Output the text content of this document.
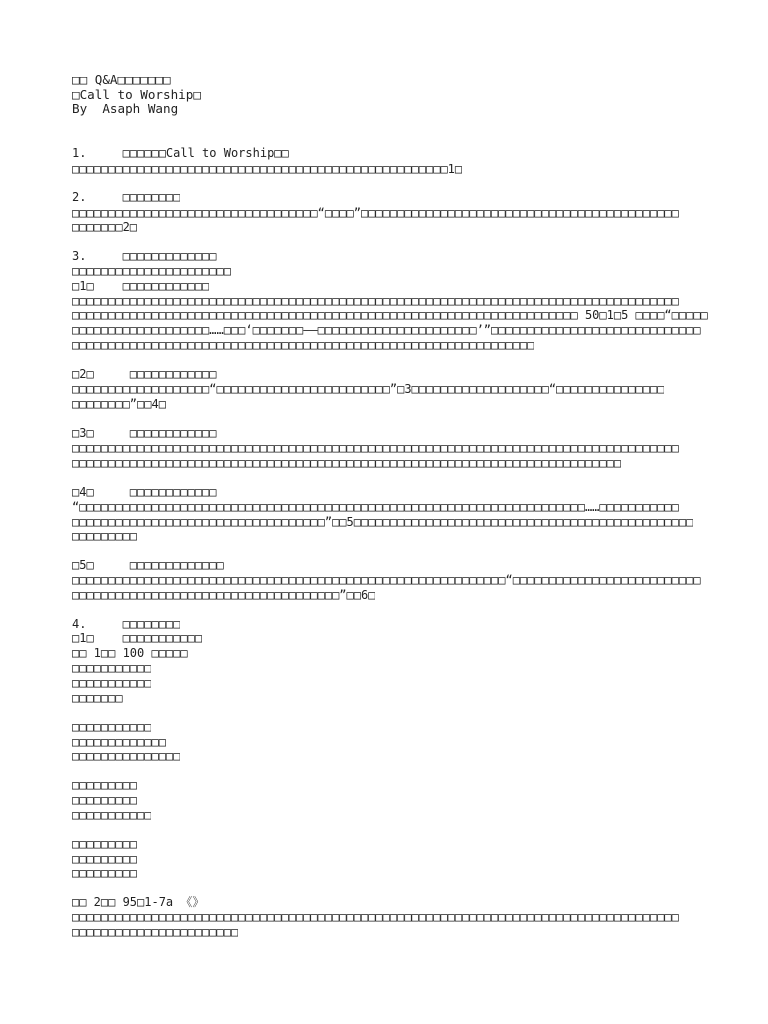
□□ Q&A□□□□□□□
□Call to Worship□
By  Asaph Wang
1.     □□□□□□Call to Worship□□
□□□□□□□□□□□□□□□□□□□□□□□□□□□□□□□□□□□□□□□□□□□□□□□□□□□□1□
2.     □□□□□□□□
□□□□□□□□□□□□□□□□□□□□□□□□□□□□□□□□□□“□□□□”□□□□□□□□□□□□□□□□□□□□□□□□□□□□□□□□□□□□□□□□□□□□
□□□□□□□2□
3.     □□□□□□□□□□□□□
□□□□□□□□□□□□□□□□□□□□□□
□1□    □□□□□□□□□□□□
□□□□□□□□□□□□□□□□□□□□□□□□□□□□□□□□□□□□□□□□□□□□□□□□□□□□□□□□□□□□□□□□□□□□□□□□□□□□□□□□□□□□
□□□□□□□□□□□□□□□□□□□□□□□□□□□□□□□□□□□□□□□□□□□□□□□□□□□□□□□□□□□□□□□□□□□□□□ 50□1□5 □□□□“□□□□□
□□□□□□□□□□□□□□□□□□□……□□□‘□□□□□□□——□□□□□□□□□□□□□□□□□□□□□□’”□□□□□□□□□□□□□□□□□□□□□□□□□□□□□
□□□□□□□□□□□□□□□□□□□□□□□□□□□□□□□□□□□□□□□□□□□□□□□□□□□□□□□□□□□□□□□□
□2□     □□□□□□□□□□□□
□□□□□□□□□□□□□□□□□□□“□□□□□□□□□□□□□□□□□□□□□□□□”□3□□□□□□□□□□□□□□□□□□□“□□□□□□□□□□□□□□□
□□□□□□□□”□□4□
□3□     □□□□□□□□□□□□
□□□□□□□□□□□□□□□□□□□□□□□□□□□□□□□□□□□□□□□□□□□□□□□□□□□□□□□□□□□□□□□□□□□□□□□□□□□□□□□□□□□□
□□□□□□□□□□□□□□□□□□□□□□□□□□□□□□□□□□□□□□□□□□□□□□□□□□□□□□□□□□□□□□□□□□□□□□□□□□□□
□4□     □□□□□□□□□□□□
“□□□□□□□□□□□□□□□□□□□□□□□□□□□□□□□□□□□□□□□□□□□□□□□□□□□□□□□□□□□□□□□□□□□□□□……□□□□□□□□□□□
□□□□□□□□□□□□□□□□□□□□□□□□□□□□□□□□□□□”□□5□□□□□□□□□□□□□□□□□□□□□□□□□□□□□□□□□□□□□□□□□□□□□□□
□□□□□□□□□
□5□     □□□□□□□□□□□□□
□□□□□□□□□□□□□□□□□□□□□□□□□□□□□□□□□□□□□□□□□□□□□□□□□□□□□□□□□□□□“□□□□□□□□□□□□□□□□□□□□□□□□□□
□□□□□□□□□□□□□□□□□□□□□□□□□□□□□□□□□□□□□”□□6□
4.     □□□□□□□□
□1□    □□□□□□□□□□□
□□ 1□□ 100 □□□□□
□□□□□□□□□□□
□□□□□□□□□□□
□□□□□□□
□□□□□□□□□□□
□□□□□□□□□□□□□
□□□□□□□□□□□□□□□
□□□□□□□□□
□□□□□□□□□
□□□□□□□□□□□
□□□□□□□□□
□□□□□□□□□
□□□□□□□□□
□□ 2□□ 95□1-7a 《》
□□□□□□□□□□□□□□□□□□□□□□□□□□□□□□□□□□□□□□□□□□□□□□□□□□□□□□□□□□□□□□□□□□□□□□□□□□□□□□□□□□□□
□□□□□□□□□□□□□□□□□□□□□□□
